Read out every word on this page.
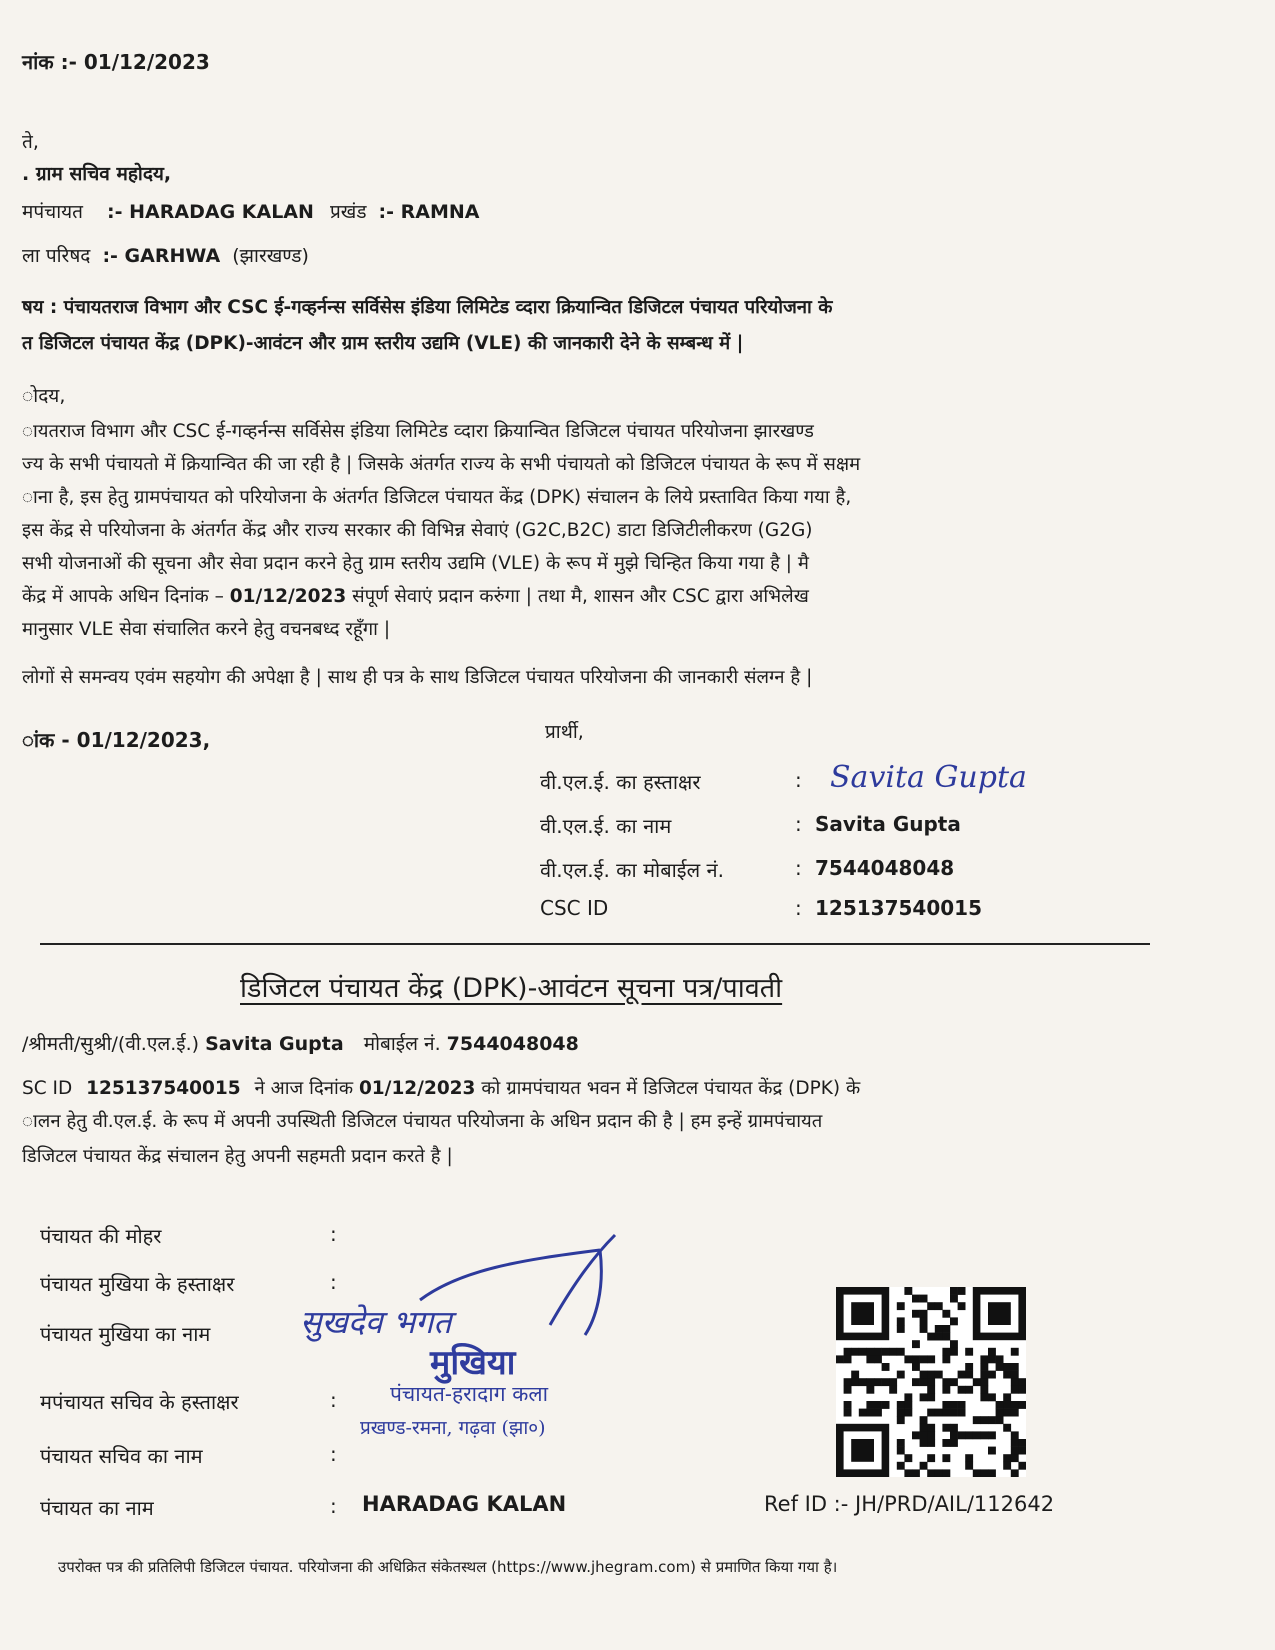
नांक :- 01/12/2023
ते,
. ग्राम सचिव महोदय,
मपंचायत :- HARADAG KALAN प्रखंड :- RAMNA
ला परिषद :- GARHWA (झारखण्ड)
षय : पंचायतराज विभाग और CSC ई-गव्हर्नन्स सर्विसेस इंडिया लिमिटेड व्दारा क्रियान्वित डिजिटल पंचायत परियोजना के
त डिजिटल पंचायत केंद्र (DPK)-आवंटन और ग्राम स्तरीय उद्यमि (VLE) की जानकारी देने के सम्बन्ध में |
ोदय,
ायतराज विभाग और CSC ई-गव्हर्नन्स सर्विसेस इंडिया लिमिटेड व्दारा क्रियान्वित डिजिटल पंचायत परियोजना झारखण्ड
ज्य के सभी पंचायतो में क्रियान्वित की जा रही है | जिसके अंतर्गत राज्य के सभी पंचायतो को डिजिटल पंचायत के रूप में सक्षम
ाना है, इस हेतु ग्रामपंचायत को परियोजना के अंतर्गत डिजिटल पंचायत केंद्र (DPK) संचालन के लिये प्रस्तावित किया गया है,
इस केंद्र से परियोजना के अंतर्गत केंद्र और राज्य सरकार की विभिन्न सेवाएं (G2C,B2C) डाटा डिजिटीलीकरण (G2G)
सभी योजनाओं की सूचना और सेवा प्रदान करने हेतु ग्राम स्तरीय उद्यमि (VLE) के रूप में मुझे चिन्हित किया गया है | मै
केंद्र में आपके अधिन दिनांक – 01/12/2023 संपूर्ण सेवाएं प्रदान करुंगा | तथा मै, शासन और CSC द्वारा अभिलेख
मानुसार VLE सेवा संचालित करने हेतु वचनबध्द रहूँगा |
लोगों से समन्वय एवंम सहयोग की अपेक्षा है | साथ ही पत्र के साथ डिजिटल पंचायत परियोजना की जानकारी संलग्न है |
ांक - 01/12/2023,	प्रार्थी,
वी.एल.ई. का हस्ताक्षर	: Savita Gupta
वी.एल.ई. का नाम	: Savita Gupta
वी.एल.ई. का मोबाईल नं.	: 7544048048
CSC ID	: 125137540015
डिजिटल पंचायत केंद्र (DPK)-आवंटन सूचना पत्र/पावती
/श्रीमती/सुश्री/(वी.एल.ई.) Savita Gupta मोबाईल नं. 7544048048
SC ID 125137540015 ने आज दिनांक 01/12/2023 को ग्रामपंचायत भवन में डिजिटल पंचायत केंद्र (DPK) के
ालन हेतु वी.एल.ई. के रूप में अपनी उपस्थिती डिजिटल पंचायत परियोजना के अधिन प्रदान की है | हम इन्हें ग्रामपंचायत
डिजिटल पंचायत केंद्र संचालन हेतु अपनी सहमती प्रदान करते है |
पंचायत की मोहर	:
पंचायत मुखिया के हस्ताक्षर	:
पंचायत मुखिया का नाम
मपंचायत सचिव के हस्ताक्षर	:
पंचायत सचिव का नाम	:
पंचायत का नाम	: HARADAG KALAN
सुखदेव भगत
मुखिया
पंचायत-हरादाग कला
प्रखण्ड-रमना, गढ़वा (झा०)
Ref ID :- JH/PRD/AIL/112642
उपरोक्त पत्र की प्रतिलिपी डिजिटल पंचायत. परियोजना की अधिक्रित संकेतस्थल (https://www.jhegram.com) से प्रमाणित किया गया है।
